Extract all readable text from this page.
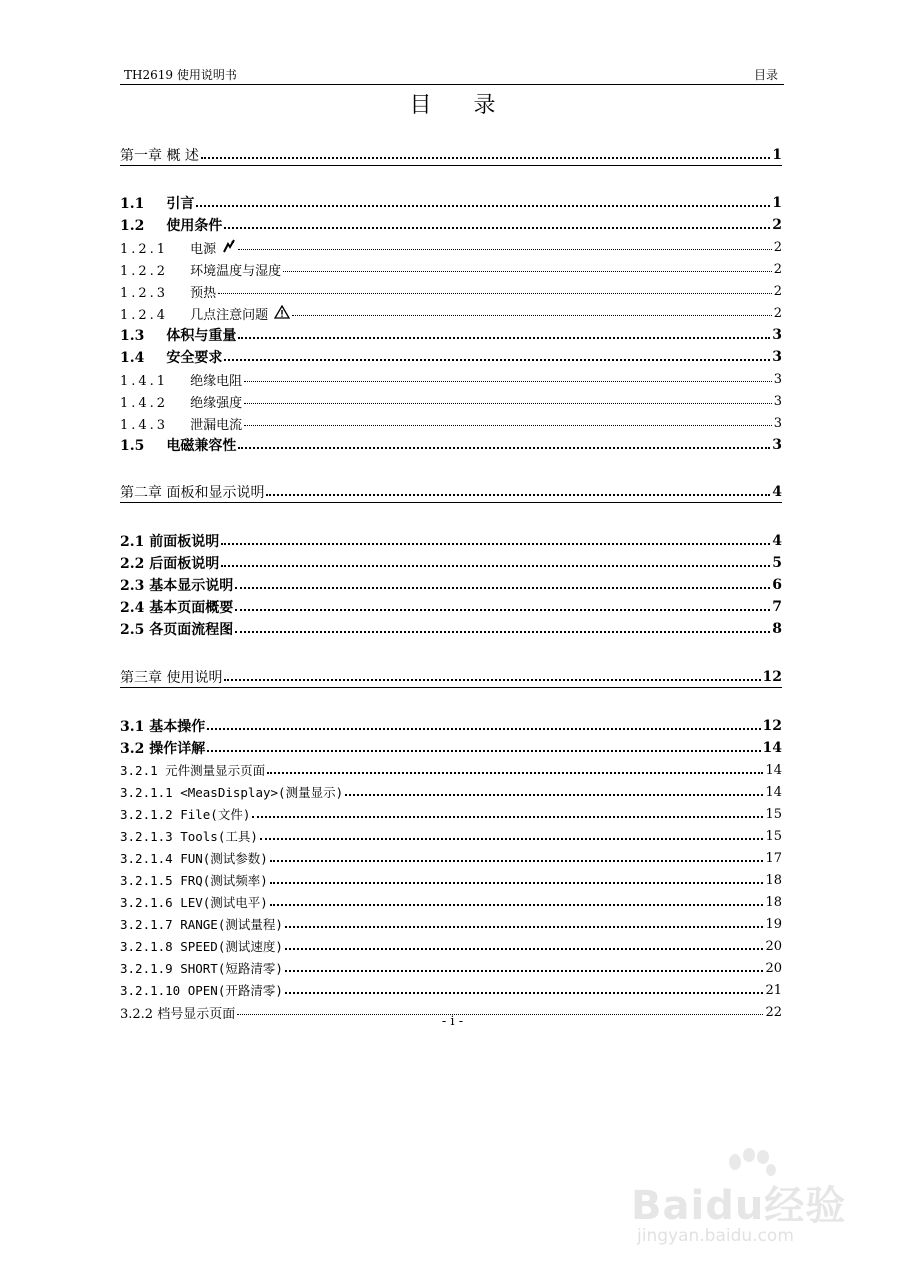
TH2619 使用说明书	目录
目录
第一章 概 述	1
1.1 引言	1
1.2 使用条件	2
1.2.1 电源	2
1.2.2 环境温度与湿度	2
1.2.3 预热	2
1.2.4 几点注意问题	2
1.3 体积与重量	3
1.4 安全要求	3
1.4.1 绝缘电阻	3
1.4.2 绝缘强度	3
1.4.3 泄漏电流	3
1.5 电磁兼容性	3
第二章 面板和显示说明	4
2.1 前面板说明	4
2.2 后面板说明	5
2.3 基本显示说明	6
2.4 基本页面概要	7
2.5 各页面流程图	8
第三章 使用说明	12
3.1 基本操作	12
3.2 操作详解	14
3.2.1 元件测量显示页面	14
3.2.1.1 <MeasDisplay>(测量显示)	14
3.2.1.2 File(文件)	15
3.2.1.3 Tools(工具)	15
3.2.1.4 FUN(测试参数)	17
3.2.1.5 FRQ(测试频率)	18
3.2.1.6 LEV(测试电平)	18
3.2.1.7 RANGE(测试量程)	19
3.2.1.8 SPEED(测试速度)	20
3.2.1.9 SHORT(短路清零)	20
3.2.1.10 OPEN(开路清零)	21
3.2.2 档号显示页面	22
- i -
Baidu经验
jingyan.baidu.com
